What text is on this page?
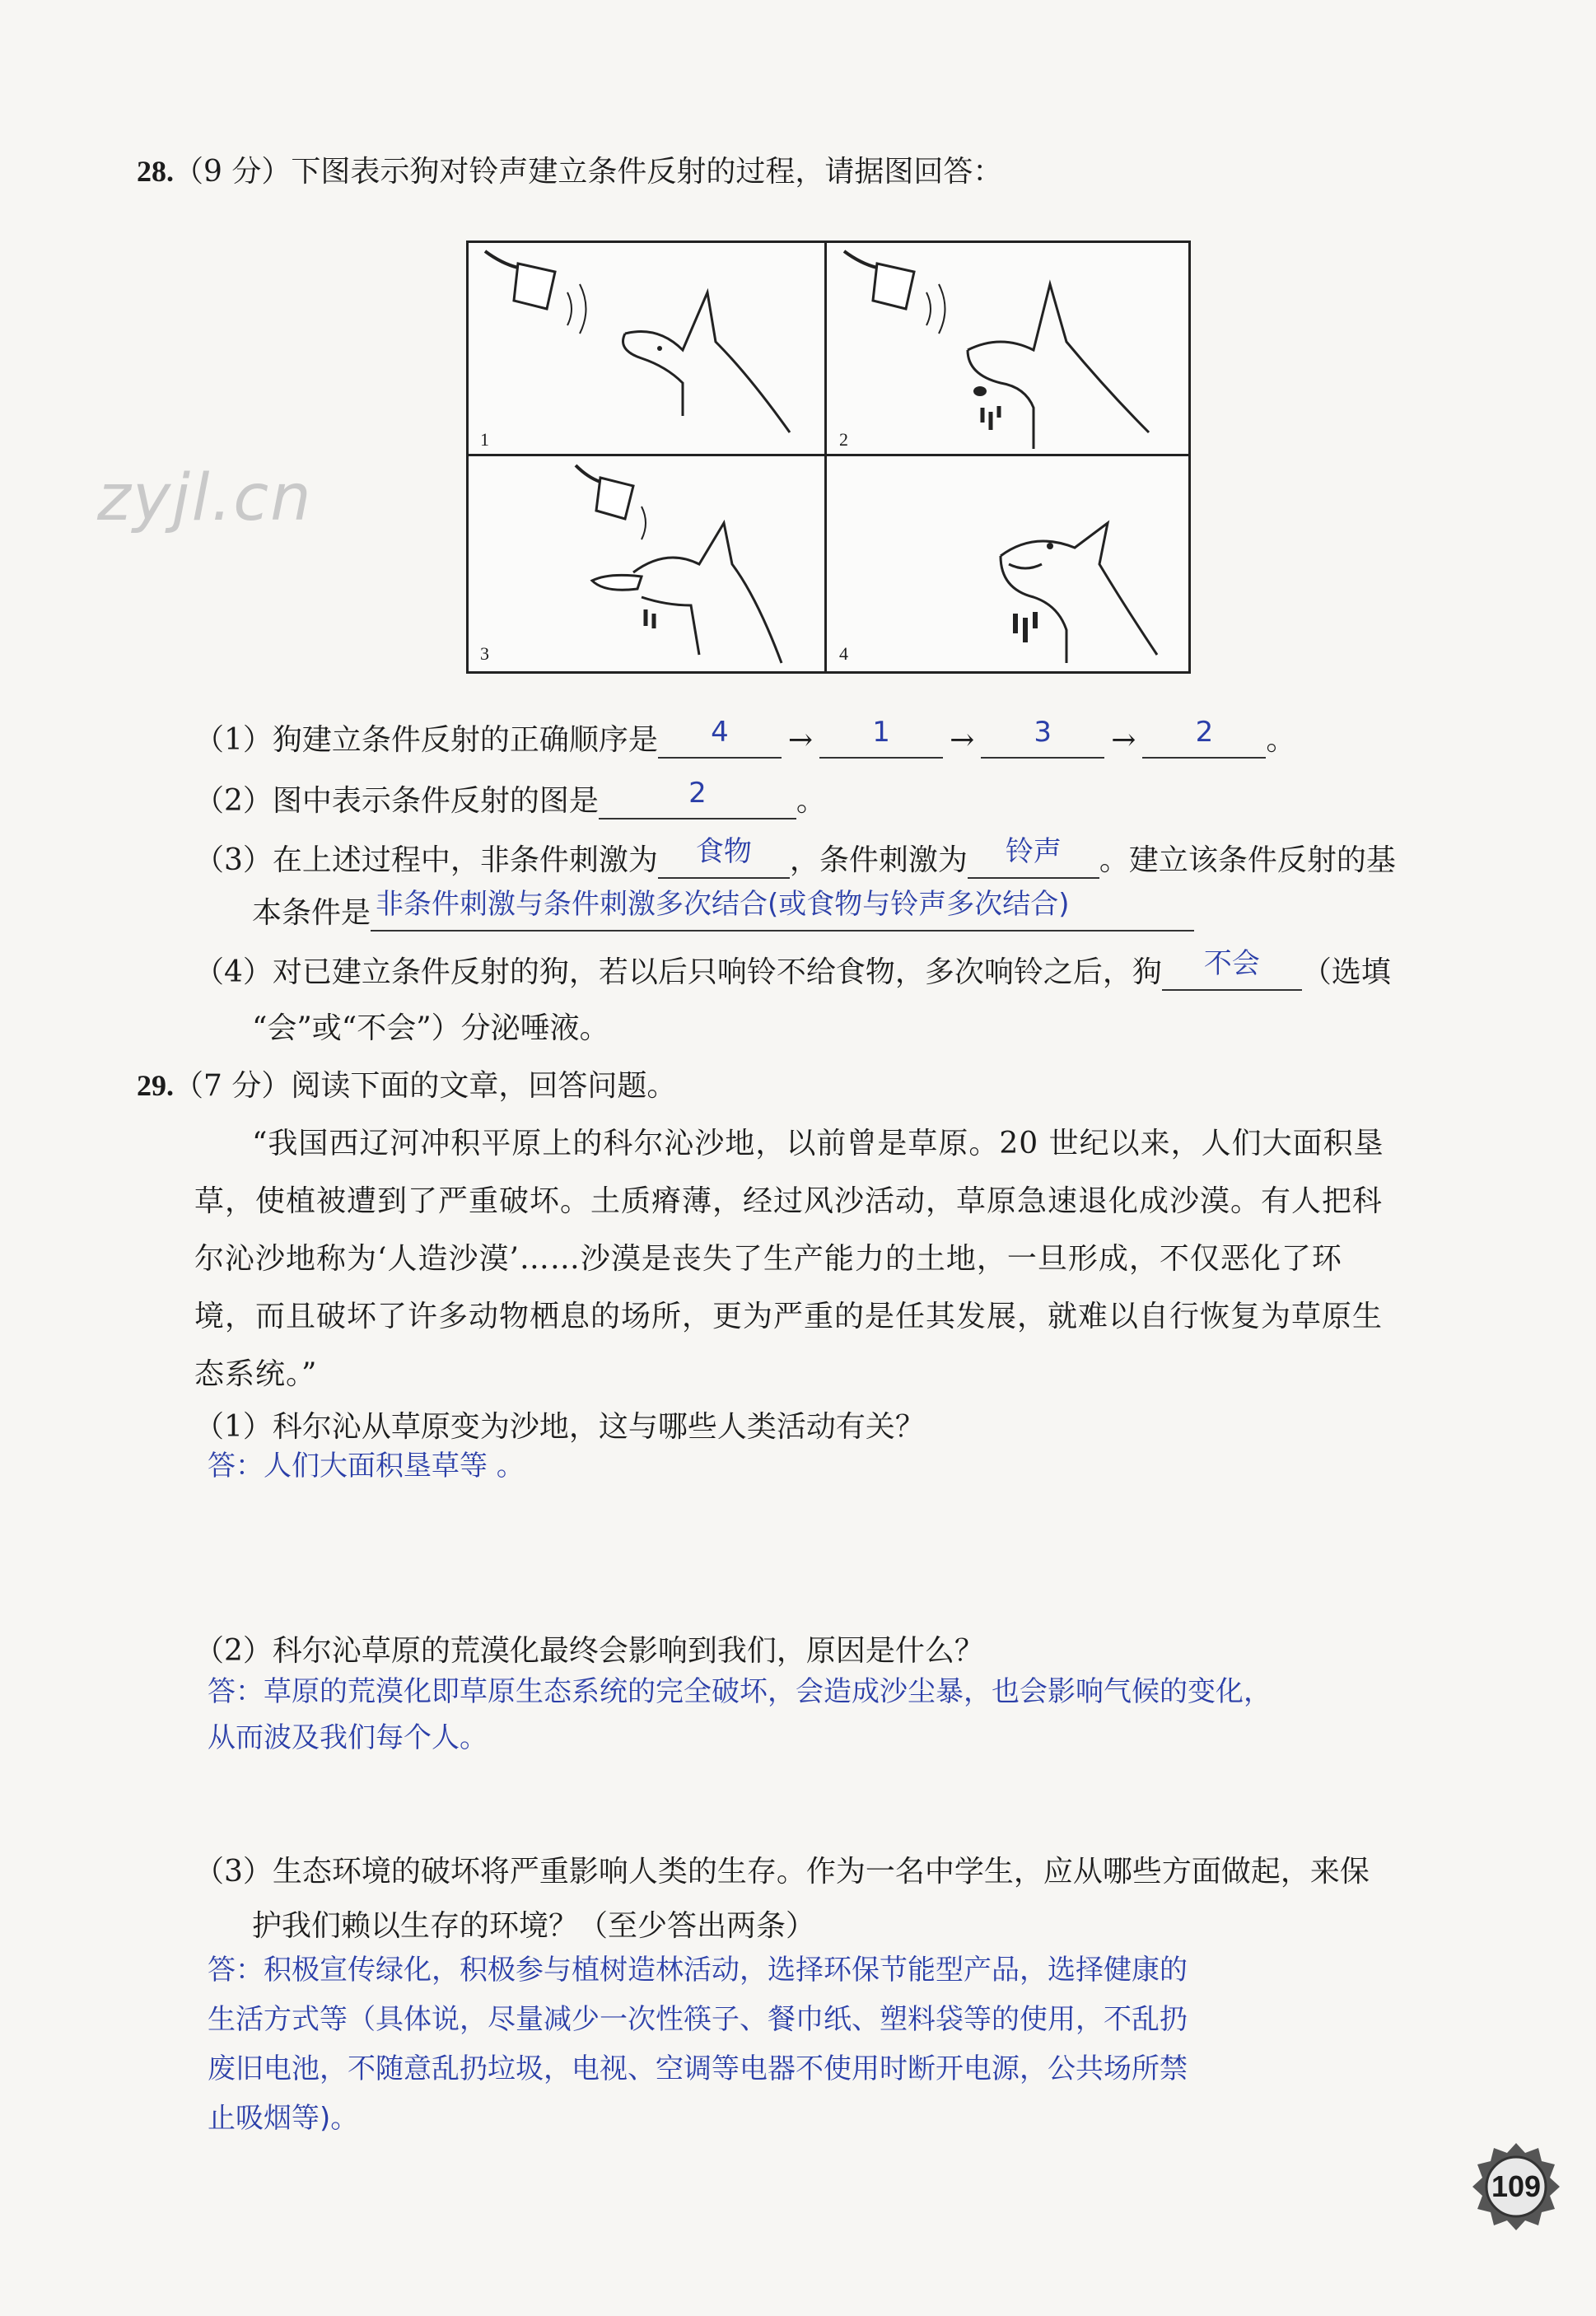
zyjl.cn
28.（9 分）下图表示狗对铃声建立条件反射的过程，请据图回答：
1	2
3	4
（1）狗建立条件反射的正确顺序是	4	→	1	→	3	→	2	。
（2）图中表示条件反射的图是	2	。
（3）在上述过程中，非条件刺激为	食物	，条件刺激为	铃声	。建立该条件反射的基
本条件是 非条件刺激与条件刺激多次结合(或食物与铃声多次结合)
（4）对已建立条件反射的狗，若以后只响铃不给食物，多次响铃之后，狗	不会	（选填
“会”或“不会”）分泌唾液。
29.（7 分）阅读下面的文章，回答问题。
“我国西辽河冲积平原上的科尔沁沙地，以前曾是草原。20 世纪以来，人们大面积垦
草，使植被遭到了严重破坏。土质瘠薄，经过风沙活动，草原急速退化成沙漠。有人把科
尔沁沙地称为‘人造沙漠’……沙漠是丧失了生产能力的土地，一旦形成，不仅恶化了环
境，而且破坏了许多动物栖息的场所，更为严重的是任其发展，就难以自行恢复为草原生
态系统。”
（1）科尔沁从草原变为沙地，这与哪些人类活动有关？
答：人们大面积垦草等 。
（2）科尔沁草原的荒漠化最终会影响到我们，原因是什么？
答：草原的荒漠化即草原生态系统的完全破坏，会造成沙尘暴，也会影响气候的变化，
从而波及我们每个人。
（3）生态环境的破坏将严重影响人类的生存。作为一名中学生，应从哪些方面做起，来保
护我们赖以生存的环境？（至少答出两条）
答：积极宣传绿化，积极参与植树造林活动，选择环保节能型产品，选择健康的
生活方式等（具体说，尽量减少一次性筷子、餐巾纸、塑料袋等的使用，不乱扔
废旧电池，不随意乱扔垃圾，电视、空调等电器不使用时断开电源，公共场所禁
止吸烟等)。
109
